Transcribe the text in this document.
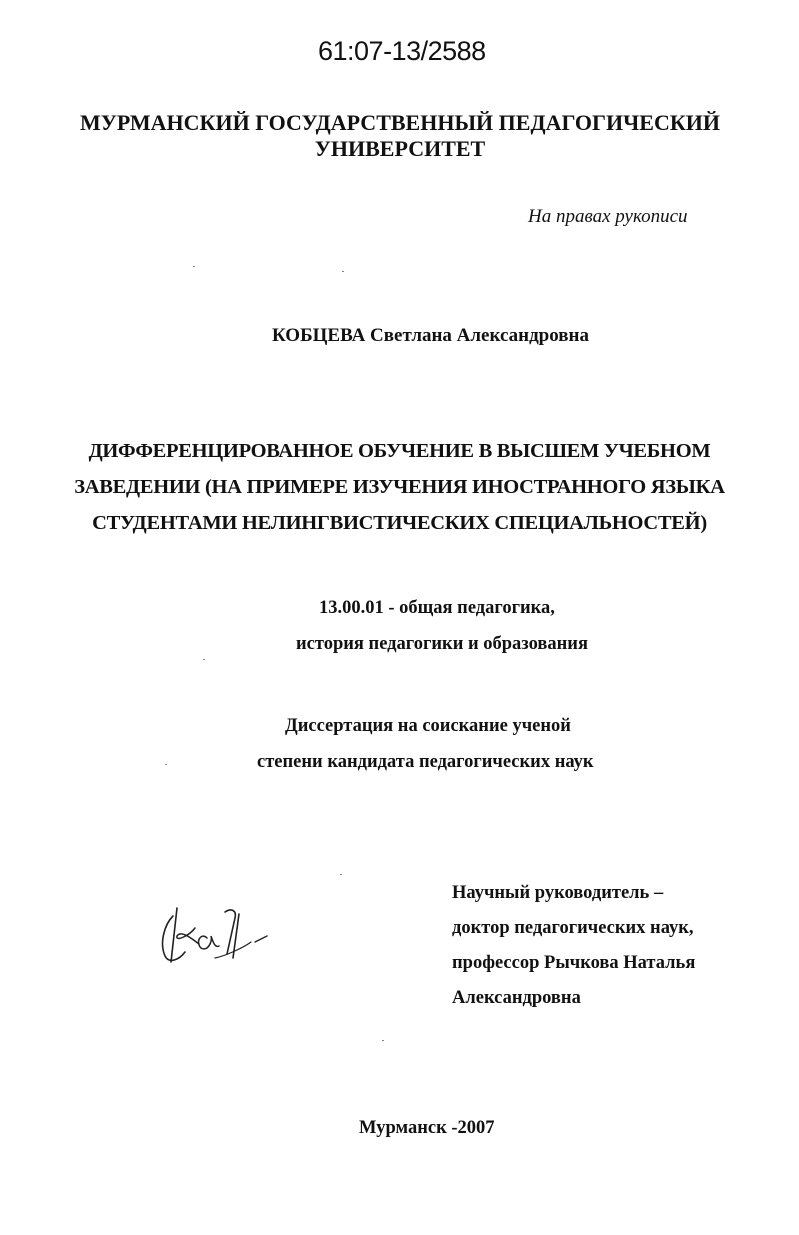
61:07-13/2588
МУРМАНСКИЙ ГОСУДАРСТВЕННЫЙ ПЕДАГОГИЧЕСКИЙ
УНИВЕРСИТЕТ
На правах рукописи
КОБЦЕВА Светлана Александровна
ДИФФЕРЕНЦИРОВАННОЕ ОБУЧЕНИЕ В ВЫСШЕМ УЧЕБНОМ
ЗАВЕДЕНИИ (НА ПРИМЕРЕ ИЗУЧЕНИЯ ИНОСТРАННОГО ЯЗЫКА
СТУДЕНТАМИ НЕЛИНГВИСТИЧЕСКИХ СПЕЦИАЛЬНОСТЕЙ)
13.00.01 - общая педагогика,
история педагогики и образования
Диссертация на соискание ученой
степени кандидата педагогических наук
Научный руководитель –
доктор педагогических наук,
профессор Рычкова Наталья
Александровна
Мурманск -2007
